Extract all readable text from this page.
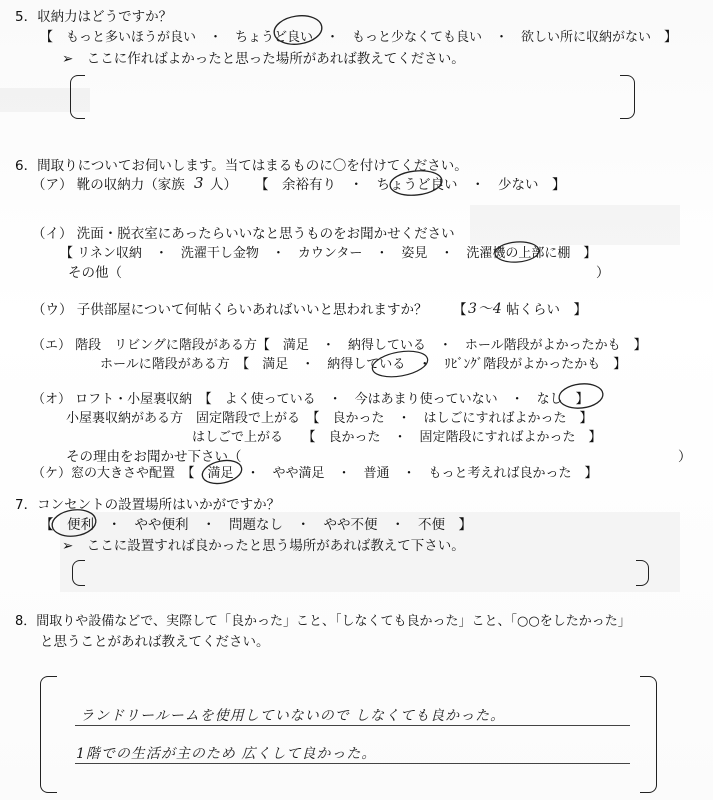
5．収納力はどうですか？
【　もっと多いほうが良い　・　ちょうど良い　・　もっと少なくても良い　・　欲しい所に収納がない　】
➢　ここに作ればよかったと思った場所があれば教えてください。
6．間取りについてお伺いします。当てはまるものに〇を付けてください。
（ア） 靴の収納力（家族 3 人） 【　余裕有り　・　ちょうど良い　・　少ない　】
（イ） 洗面・脱衣室にあったらいいなと思うものをお聞かせください
【 リネン収納　・　洗濯干し金物　・　カウンター　・　姿見　・　洗濯機の上部に棚　】
その他（	）
（ウ） 子供部屋について何帖くらいあればいいと思われますか？ 【 3～4 帖くらい　】
（エ） 階段　リビングに階段がある方【　満足　・　納得している　・　ホール階段がよかったかも　】
ホールに階段がある方　【　満足　・　納得している　・　ﾘﾋﾞﾝｸﾞ階段がよかったかも　】
（オ） ロフト・小屋裏収納　【　よく使っている　・　今はあまり使っていない　・　なし　】
小屋裏収納がある方　固定階段で上がる　【　良かった　・　はしごにすればよかった　】
はしごで上がる　　【　良かった　・　固定階段にすればよかった　】
その理由をお聞かせ下さい（	）
（ケ）窓の大きさや配置　【　満足　・　やや満足　・　普通　・　もっと考えれば良かった　】
7．コンセントの設置場所はいかがですか？
【　便利　・　やや便利　・　問題なし　・　やや不便　・　不便　】
➢　ここに設置すれば良かったと思う場所があれば教えて下さい。
8．間取りや設備などで、実際して「良かった」こと、「しなくても良かった」こと、「○○をしたかった」
と思うことがあれば教えてください。
ランドリールームを使用していないので しなくても良かった。
1階での生活が主のため 広くして良かった。
